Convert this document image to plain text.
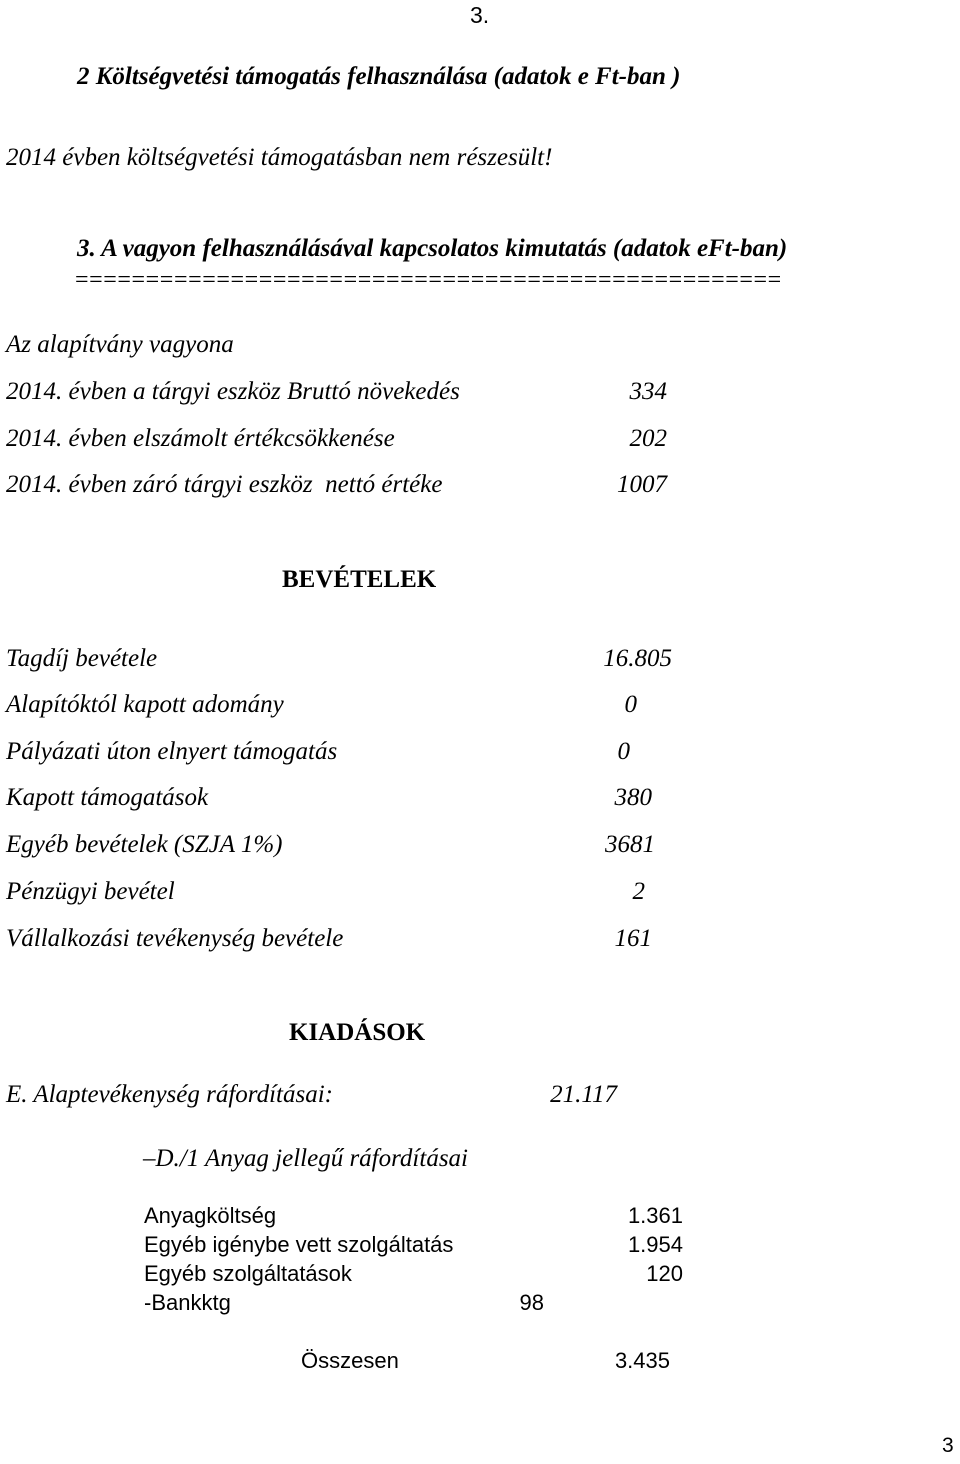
3.
2 Költségvetési támogatás felhasználása (adatok e Ft-ban )
2014 évben költségvetési támogatásban nem részesült!
3. A vagyon felhasználásával kapcsolatos kimutatás (adatok eFt-ban)
==================================================
Az alapítvány vagyona
2014. évben a tárgyi eszköz Bruttó növekedés	334
2014. évben elszámolt értékcsökkenése	202
2014. évben záró tárgyi eszköz  nettó értéke	1007
BEVÉTELEK
Tagdíj bevétele	16.805
Alapítóktól kapott adomány	0
Pályázati úton elnyert támogatás	0
Kapott támogatások	380
Egyéb bevételek (SZJA 1%)	3681
Pénzügyi bevétel	2
Vállalkozási tevékenység bevétele	161
KIADÁSOK
E. Alaptevékenység ráfordításai:	21.117
–D./1 Anyag jellegű ráfordításai
Anyagköltség	1.361
Egyéb igénybe vett szolgáltatás	1.954
Egyéb szolgáltatások	120
-Bankktg	98
Összesen	3.435
3
